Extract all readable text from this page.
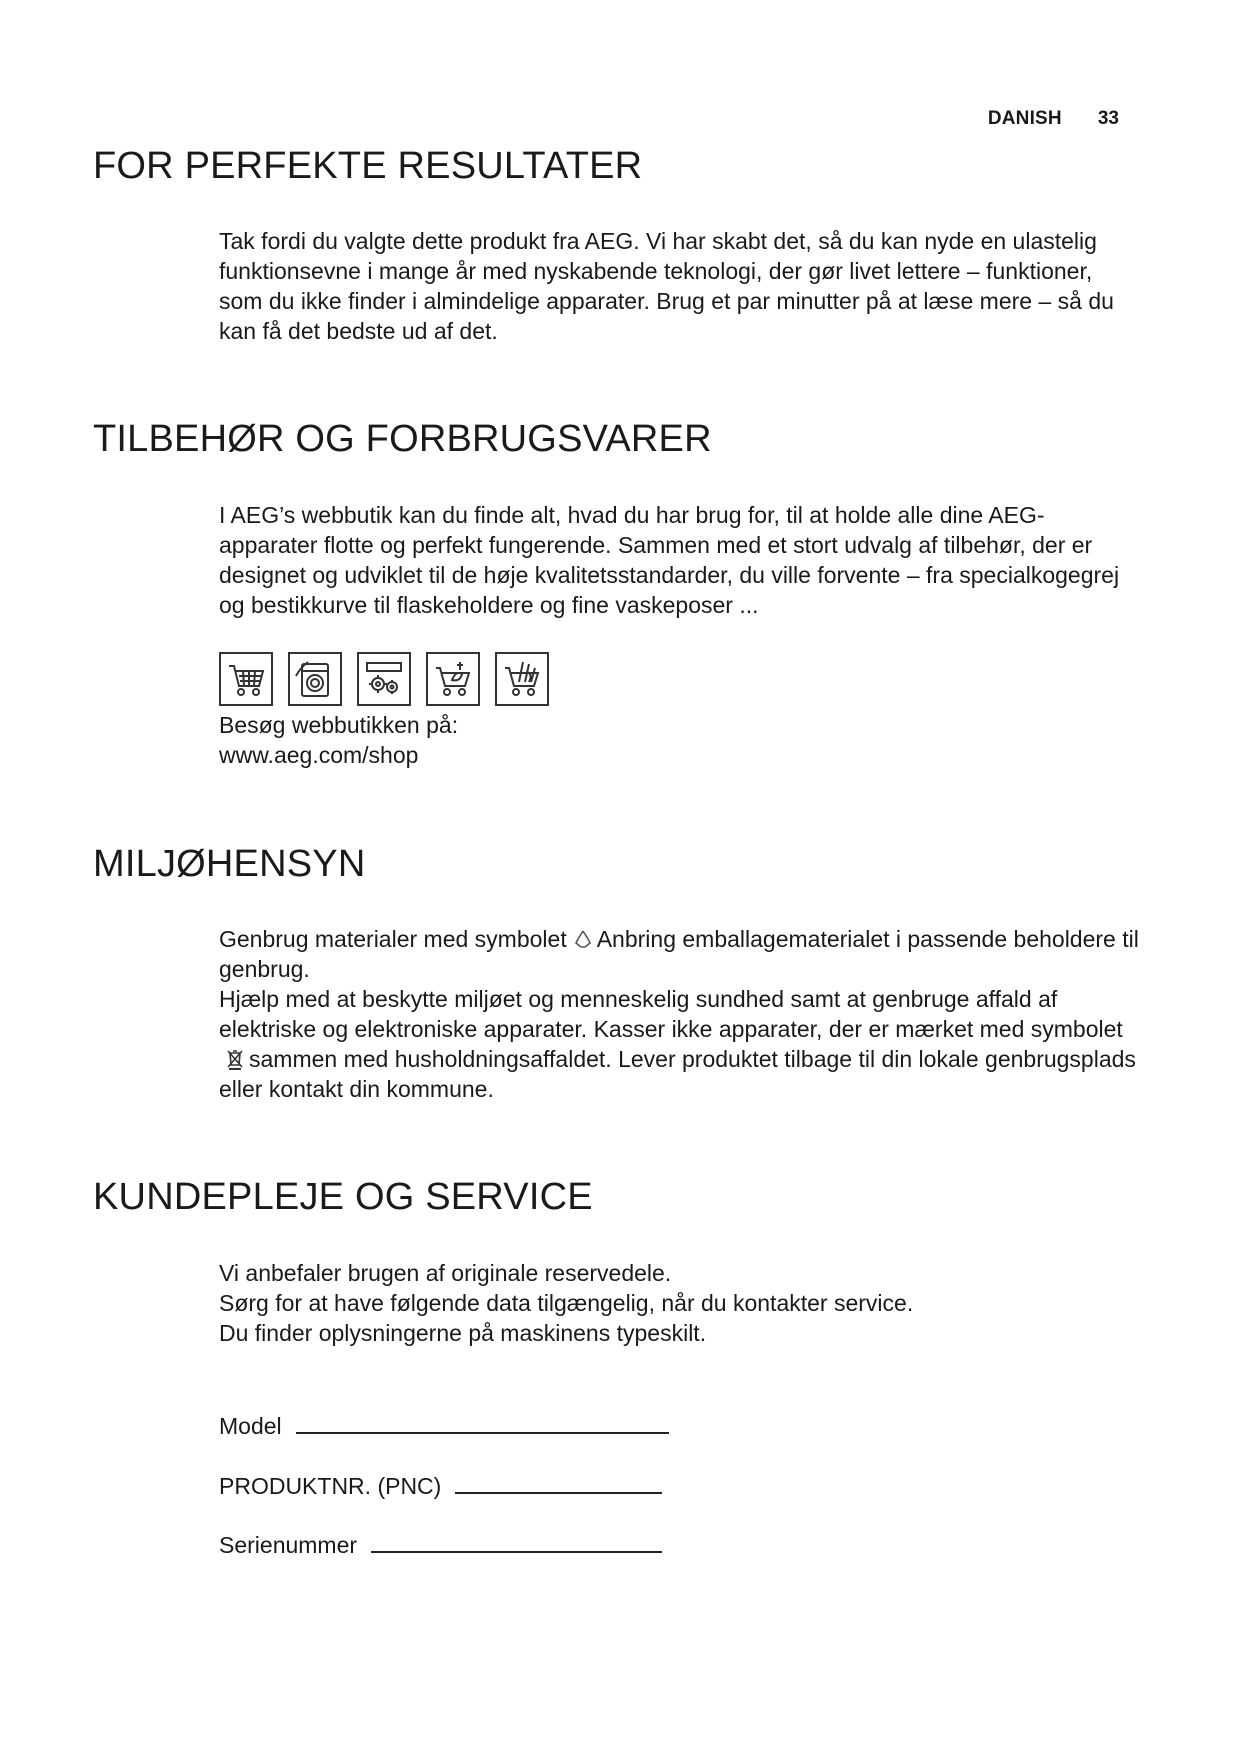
DANISH 33
FOR PERFEKTE RESULTATER

Tak fordi du valgte dette produkt fra AEG. Vi har skabt det, så du kan nyde en ulastelig funktionsevne i mange år med nyskabende teknologi, der gør livet lettere – funktioner, som du ikke finder i almindelige apparater. Brug et par minutter på at læse mere – så du kan få det bedste ud af det.

TILBEHØR OG FORBRUGSVARER

I AEG’s webbutik kan du finde alt, hvad du har brug for, til at holde alle dine AEG-apparater flotte og perfekt fungerende. Sammen med et stort udvalg af tilbehør, der er designet og udviklet til de høje kvalitetsstandarder, du ville forvente – fra specialkogegrej og bestikkurve til flaskeholdere og fine vaskeposer ...

Besøg webbutikken på:

www.aeg.com/shop

MILJØHENSYN

Genbrug materialer med symbolet Anbring emballagematerialet i passende beholdere til genbrug.

Hjælp med at beskytte miljøet og menneskelig sundhed samt at genbruge affald af elektriske og elektroniske apparater. Kasser ikke apparater, der er mærket med symboletsammen med husholdningsaffaldet. Lever produktet tilbage til din lokale genbrugsplads eller kontakt din kommune.

KUNDEPLEJE OG SERVICE

Vi anbefaler brugen af originale reservedele.

Sørg for at have følgende data tilgængelig, når du kontakter service.

Du finder oplysningerne på maskinens typeskilt.

Model
PRODUKTNR. (PNC)
Serienummer
